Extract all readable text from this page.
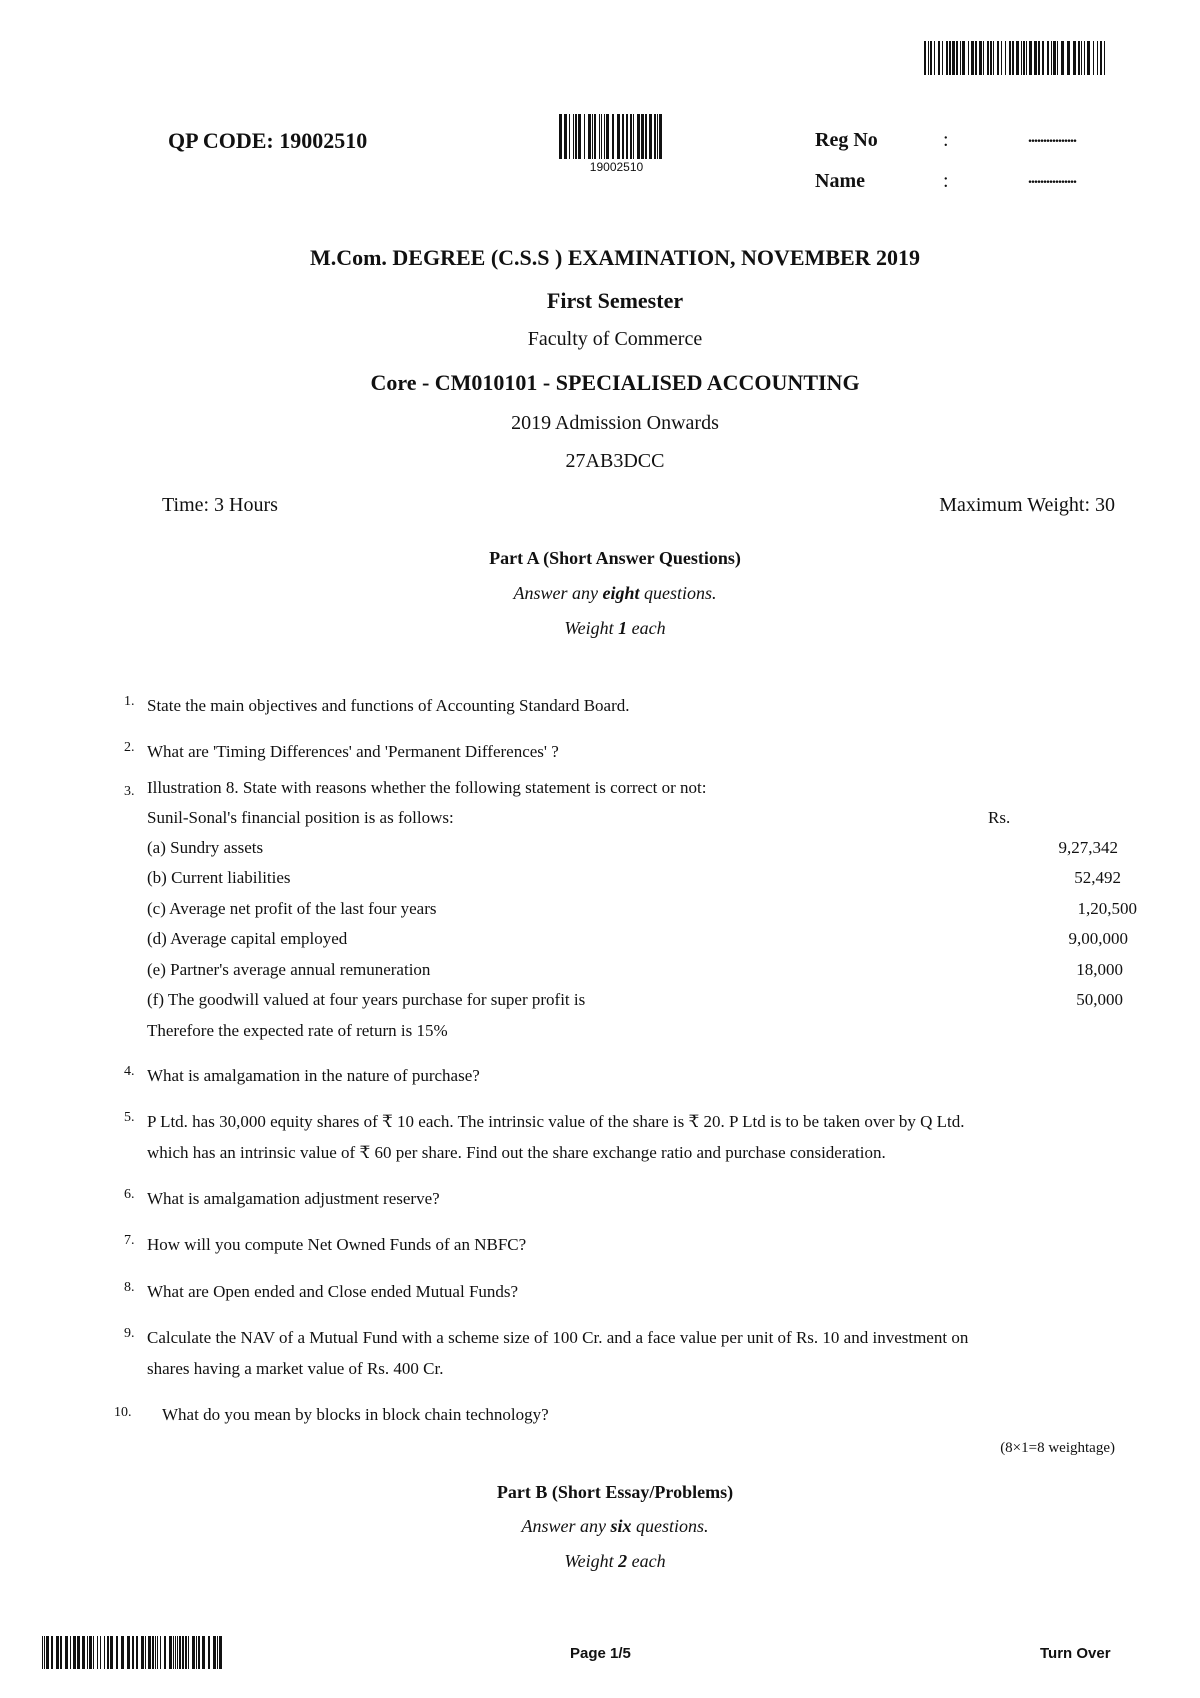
QP CODE: 19002510
19002510
Reg No	:	................
Name	:	................
M.Com. DEGREE (C.S.S ) EXAMINATION, NOVEMBER 2019
First Semester
Faculty of Commerce
Core - CM010101 - SPECIALISED ACCOUNTING
2019 Admission Onwards
27AB3DCC
Time: 3 Hours	Maximum Weight: 30
Part A (Short Answer Questions)
Answer any eight questions.
Weight 1 each
1. State the main objectives and functions of Accounting Standard Board.
2. What are 'Timing Differences' and 'Permanent Differences' ?
3. Illustration 8. State with reasons whether the following statement is correct or not:
Sunil-Sonal's financial position is as follows:	Rs.
(a) Sundry assets	9,27,342
(b) Current liabilities	52,492
(c) Average net profit of the last four years	1,20,500
(d) Average capital employed	9,00,000
(e) Partner's average annual remuneration	18,000
(f) The goodwill valued at four years purchase for super profit is	50,000
Therefore the expected rate of return is 15%
4. What is amalgamation in the nature of purchase?
5. P Ltd. has 30,000 equity shares of ₹ 10 each. The intrinsic value of the share is ₹ 20. P Ltd is to be taken over by Q Ltd.
which has an intrinsic value of ₹ 60 per share. Find out the share exchange ratio and purchase consideration.
6. What is amalgamation adjustment reserve?
7. How will you compute Net Owned Funds of an NBFC?
8. What are Open ended and Close ended Mutual Funds?
9. Calculate the NAV of a Mutual Fund with a scheme size of 100 Cr. and a face value per unit of Rs. 10 and investment on
shares having a market value of Rs. 400 Cr.
10. What do you mean by blocks in block chain technology?
(8×1=8 weightage)
Part B (Short Essay/Problems)
Answer any six questions.
Weight 2 each
Page 1/5	Turn Over
